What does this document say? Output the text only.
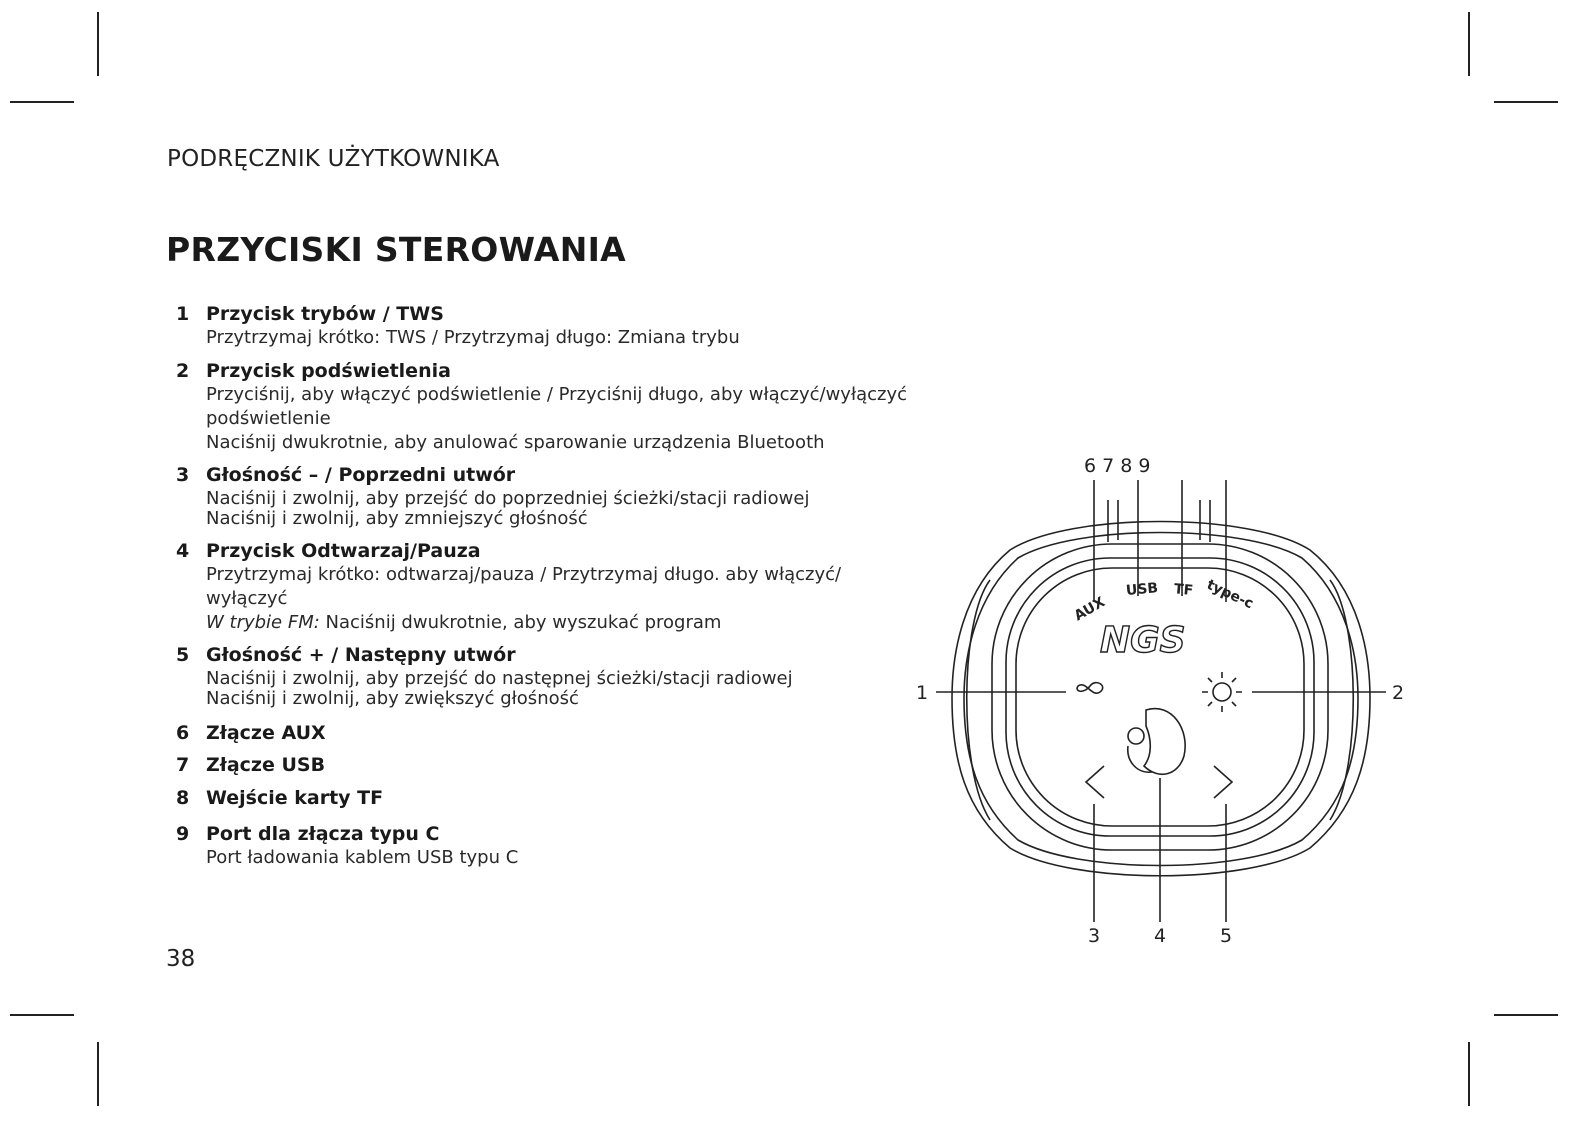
PODRĘCZNIK UŻYTKOWNIKA
PRZYCISKI STEROWANIA
1 Przycisk trybów / TWS
Przytrzymaj krótko: TWS / Przytrzymaj długo: Zmiana trybu
2 Przycisk podświetlenia
Przyciśnij, aby włączyć podświetlenie / Przyciśnij długo, aby włączyć/wyłączyć
podświetlenie
Naciśnij dwukrotnie, aby anulować sparowanie urządzenia Bluetooth
3 Głośność – / Poprzedni utwór
Naciśnij i zwolnij, aby przejść do poprzedniej ścieżki/stacji radiowej
Naciśnij i zwolnij, aby zmniejszyć głośność
4 Przycisk Odtwarzaj/Pauza
Przytrzymaj krótko: odtwarzaj/pauza / Przytrzymaj długo. aby włączyć/
wyłączyć
W trybie FM: Naciśnij dwukrotnie, aby wyszukać program
5 Głośność + / Następny utwór
Naciśnij i zwolnij, aby przejść do następnej ścieżki/stacji radiowej
Naciśnij i zwolnij, aby zwiększyć głośność
6 Złącze AUX
7 Złącze USB
8 Wejście karty TF
9 Port dla złącza typu C
Port ładowania kablem USB typu C
38
6 7 8 9
1	2
3	4	5
AUX
USB TF type-c
NGS
